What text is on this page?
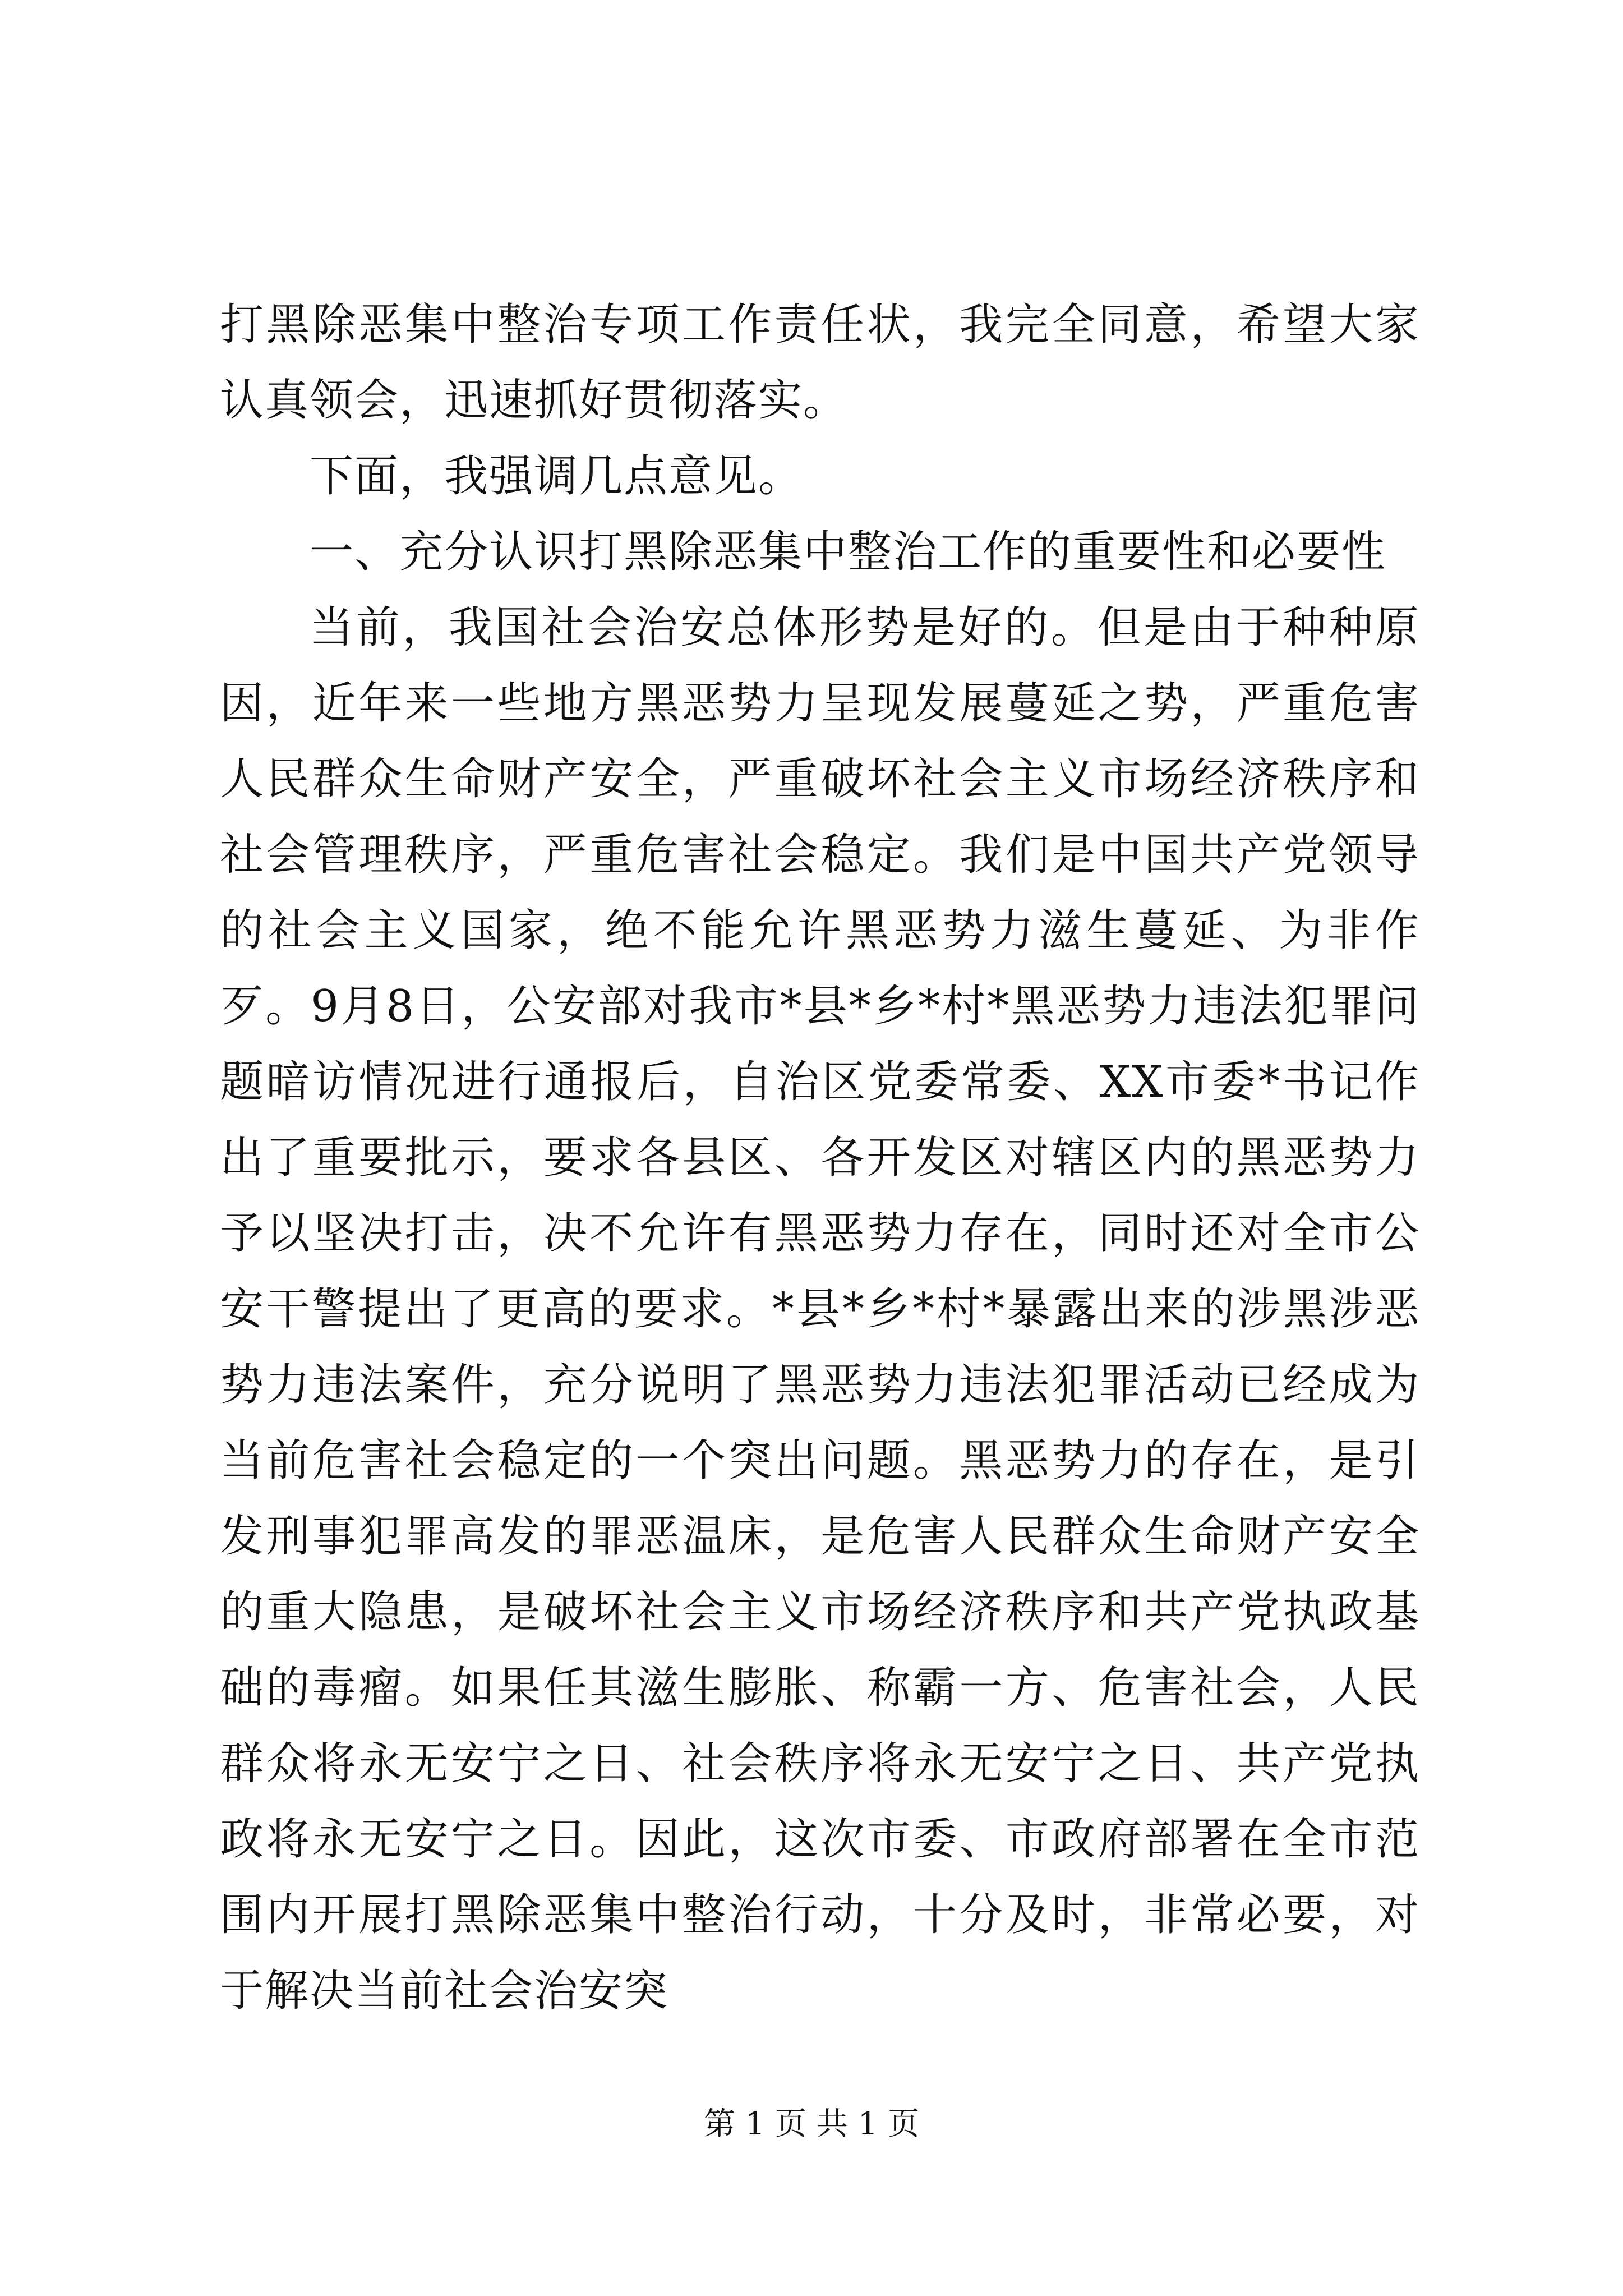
打黑除恶集中整治专项工作责任状，我完全同意，希望大家认真领会，迅速抓好贯彻落实。

下面，我强调几点意见。

一、充分认识打黑除恶集中整治工作的重要性和必要性

当前，我国社会治安总体形势是好的。但是由于种种原因，近年来一些地方黑恶势力呈现发展蔓延之势，严重危害人民群众生命财产安全，严重破坏社会主义市场经济秩序和社会管理秩序，严重危害社会稳定。我们是中国共产党领导的社会主义国家，绝不能允许黑恶势力滋生蔓延、为非作歹。9月8日，公安部对我市*县*乡*村*黑恶势力违法犯罪问题暗访情况进行通报后，自治区党委常委、XX市委*书记作出了重要批示，要求各县区、各开发区对辖区内的黑恶势力予以坚决打击，决不允许有黑恶势力存在，同时还对全市公安干警提出了更高的要求。*县*乡*村*暴露出来的涉黑涉恶势力违法案件，充分说明了黑恶势力违法犯罪活动已经成为当前危害社会稳定的一个突出问题。黑恶势力的存在，是引发刑事犯罪高发的罪恶温床，是危害人民群众生命财产安全的重大隐患，是破坏社会主义市场经济秩序和共产党执政基础的毒瘤。如果任其滋生膨胀、称霸一方、危害社会，人民群众将永无安宁之日、社会秩序将永无安宁之日、共产党执政将永无安宁之日。因此，这次市委、市政府部署在全市范围内开展打黑除恶集中整治行动，十分及时，非常必要，对于解决当前社会治安突

第 1 页 共 1 页
